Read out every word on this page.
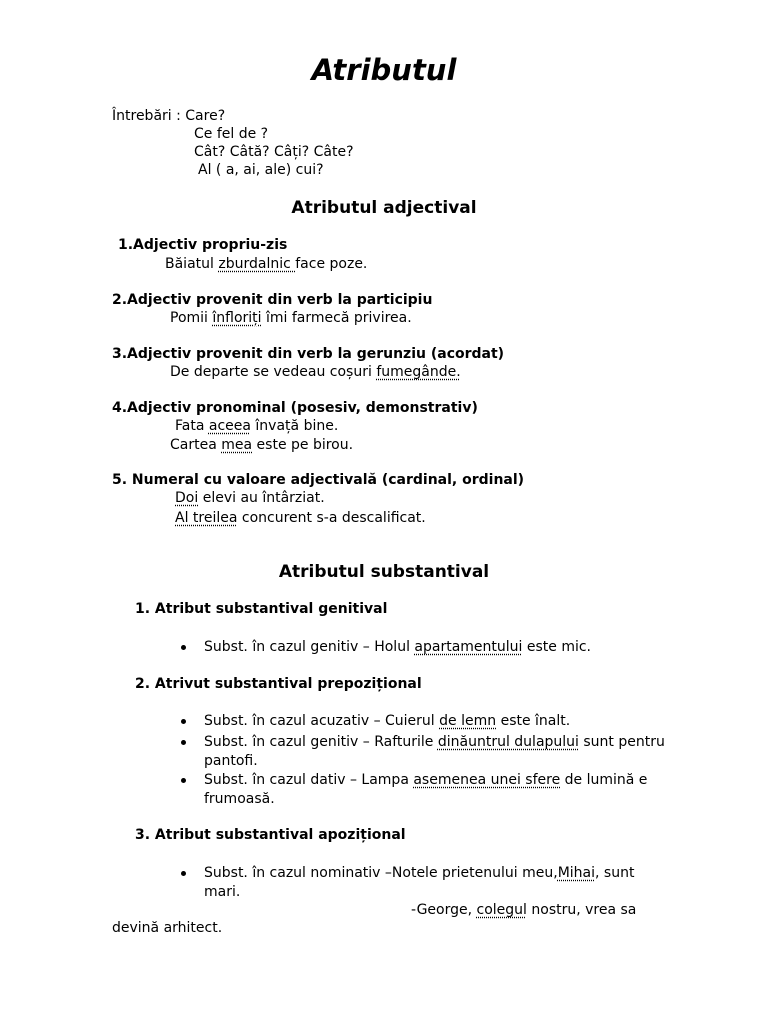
Atributul
Întrebări : Care?
Ce fel de ?
Cât? Câtă? Câți? Câte?
Al ( a, ai, ale) cui?
Atributul adjectival
1.Adjectiv propriu-zis
Băiatul zburdalnic face poze.
2.Adjectiv provenit din verb la participiu
Pomii înfloriți îmi farmecă privirea.
3.Adjectiv provenit din verb la gerunziu (acordat)
De departe se vedeau coșuri fumegânde.
4.Adjectiv pronominal (posesiv, demonstrativ)
Fata aceea învață bine.
Cartea mea este pe birou.
5. Numeral cu valoare adjectivală (cardinal, ordinal)
Doi elevi au întârziat.
Al treilea concurent s-a descalificat.
Atributul substantival
1. Atribut substantival genitival
Subst. în cazul genitiv – Holul apartamentului este mic.
2. Atrivut substantival prepozițional
Subst. în cazul acuzativ – Cuierul de lemn este înalt.
Subst. în cazul genitiv – Rafturile dinăuntrul dulapului sunt pentru
pantofi.
Subst. în cazul dativ – Lampa asemenea unei sfere de lumină e
frumoasă.
3. Atribut substantival apozițional
Subst. în cazul nominativ –Notele prietenului meu,Mihai, sunt
mari.
-George, colegul nostru, vrea sa
devină arhitect.
